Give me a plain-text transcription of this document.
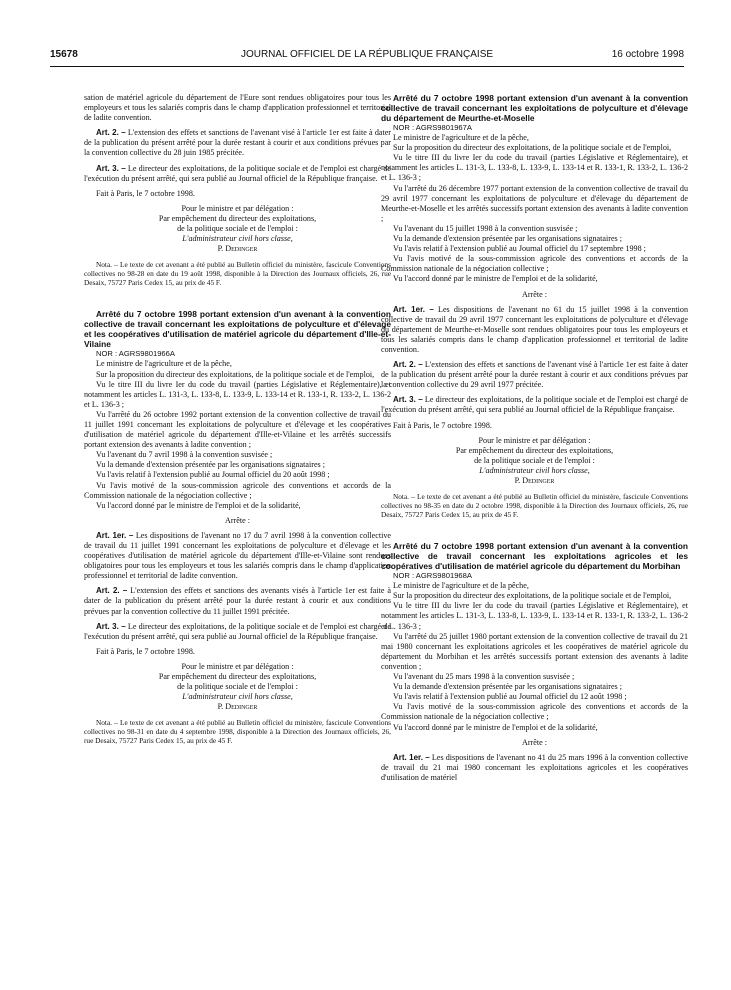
15678	JOURNAL OFFICIEL DE LA RÉPUBLIQUE FRANÇAISE	16 octobre 1998

sation de matériel agricole du département de l'Eure sont rendues obligatoires pour tous les employeurs et tous les salariés compris dans le champ d'application professionnel et territorial de ladite convention.

Art. 2. – L'extension des effets et sanctions de l'avenant visé à l'article 1er est faite à dater de la publication du présent arrêté pour la durée restant à courir et aux conditions prévues par la convention collective du 28 juin 1985 précitée.

Art. 3. – Le directeur des exploitations, de la politique sociale et de l'emploi est chargé de l'exécution du présent arrêté, qui sera publié au Journal officiel de la République française.

Fait à Paris, le 7 octobre 1998.

Pour le ministre et par délégation :

Par empêchement du directeur des exploitations,

de la politique sociale et de l'emploi :

L'administrateur civil hors classe,

P. Dedinger

Nota. – Le texte de cet avenant a été publié au Bulletin officiel du ministère, fascicule Conventions collectives no 98-28 en date du 19 août 1998, disponible à la Direction des Journaux officiels, 26, rue Desaix, 75727 Paris Cedex 15, au prix de 45 F.

Arrêté du 7 octobre 1998 portant extension d'un avenant à la convention collective de travail concernant les exploitations de polyculture et d'élevage et les coopératives d'utilisation de matériel agricole du département d'Ille-et-Vilaine

NOR : AGRS9801966A

Le ministre de l'agriculture et de la pêche,

Sur la proposition du directeur des exploitations, de la politique sociale et de l'emploi,

Vu le titre III du livre Ier du code du travail (parties Législative et Réglementaire), et notamment les articles L. 131-3, L. 133-8, L. 133-9, L. 133-14 et R. 133-1, R. 133-2, L. 136-2 et L. 136-3 ;

Vu l'arrêté du 26 octobre 1992 portant extension de la convention collective de travail du 11 juillet 1991 concernant les exploitations de polyculture et d'élevage et les coopératives d'utilisation de matériel agricole du département d'Ille-et-Vilaine et les arrêtés successifs portant extension des avenants à ladite convention ;

Vu l'avenant du 7 avril 1998 à la convention susvisée ;

Vu la demande d'extension présentée par les organisations signataires ;

Vu l'avis relatif à l'extension publié au Journal officiel du 20 août 1998 ;

Vu l'avis motivé de la sous-commission agricole des conventions et accords de la Commission nationale de la négociation collective ;

Vu l'accord donné par le ministre de l'emploi et de la solidarité,

Arrête :

Art. 1er. – Les dispositions de l'avenant no 17 du 7 avril 1998 à la convention collective de travail du 11 juillet 1991 concernant les exploitations de polyculture et d'élevage et les coopératives d'utilisation de matériel agricole du département d'Ille-et-Vilaine sont rendues obligatoires pour tous les employeurs et tous les salariés compris dans le champ d'application professionnel et territorial de ladite convention.

Art. 2. – L'extension des effets et sanctions des avenants visés à l'article 1er est faite à dater de la publication du présent arrêté pour la durée restant à courir et aux conditions prévues par la convention collective du 11 juillet 1991 précitée.

Art. 3. – Le directeur des exploitations, de la politique sociale et de l'emploi est chargé de l'exécution du présent arrêté, qui sera publié au Journal officiel de la République française.

Fait à Paris, le 7 octobre 1998.

Pour le ministre et par délégation :

Par empêchement du directeur des exploitations,

de la politique sociale et de l'emploi :

L'administrateur civil hors classe,

P. Dedinger

Nota. – Le texte de cet avenant a été publié au Bulletin officiel du ministère, fascicule Conventions collectives no 98-31 en date du 4 septembre 1998, disponible à la Direction des Journaux officiels, 26, rue Desaix, 75727 Paris Cedex 15, au prix de 45 F.

Arrêté du 7 octobre 1998 portant extension d'un avenant à la convention collective de travail concernant les exploitations de polyculture et d'élevage du département de Meurthe-et-Moselle

NOR : AGRS9801967A

Le ministre de l'agriculture et de la pêche,

Sur la proposition du directeur des exploitations, de la politique sociale et de l'emploi,

Vu le titre III du livre Ier du code du travail (parties Législative et Réglementaire), et notamment les articles L. 131-3, L. 133-8, L. 133-9, L. 133-14 et R. 133-1, R. 133-2, L. 136-2 et L. 136-3 ;

Vu l'arrêté du 26 décembre 1977 portant extension de la convention collective de travail du 29 avril 1977 concernant les exploitations de polyculture et d'élevage du département de Meurthe-et-Moselle et les arrêtés successifs portant extension des avenants à ladite convention ;

Vu l'avenant du 15 juillet 1998 à la convention susvisée ;

Vu la demande d'extension présentée par les organisations signataires ;

Vu l'avis relatif à l'extension publié au Journal officiel du 17 septembre 1998 ;

Vu l'avis motivé de la sous-commission agricole des conventions et accords de la Commission nationale de la négociation collective ;

Vu l'accord donné par le ministre de l'emploi et de la solidarité,

Arrête :

Art. 1er. – Les dispositions de l'avenant no 61 du 15 juillet 1998 à la convention collective de travail du 29 avril 1977 concernant les exploitations de polyculture et d'élevage du département de Meurthe-et-Moselle sont rendues obligatoires pour tous les employeurs et tous les salariés compris dans le champ d'application professionnel et territorial de ladite convention.

Art. 2. – L'extension des effets et sanctions de l'avenant visé à l'article 1er est faite à dater de la publication du présent arrêté pour la durée restant à courir et aux conditions prévues par la convention collective du 29 avril 1977 précitée.

Art. 3. – Le directeur des exploitations, de la politique sociale et de l'emploi est chargé de l'exécution du présent arrêté, qui sera publié au Journal officiel de la République française.

Fait à Paris, le 7 octobre 1998.

Pour le ministre et par délégation :

Par empêchement du directeur des exploitations,

de la politique sociale et de l'emploi :

L'administrateur civil hors classe,

P. Dedinger

Nota. – Le texte de cet avenant a été publié au Bulletin officiel du ministère, fascicule Conventions collectives no 98-35 en date du 2 octobre 1998, disponible à la Direction des Journaux officiels, 26, rue Desaix, 75727 Paris Cedex 15, au prix de 45 F.

Arrêté du 7 octobre 1998 portant extension d'un avenant à la convention collective de travail concernant les exploitations agricoles et les coopératives d'utilisation de matériel agricole du département du Morbihan

NOR : AGRS9801968A

Le ministre de l'agriculture et de la pêche,

Sur la proposition du directeur des exploitations, de la politique sociale et de l'emploi,

Vu le titre III du livre Ier du code du travail (parties Législative et Réglementaire), et notamment les articles L. 131-3, L. 133-8, L. 133-9, L. 133-14 et R. 133-1, R. 133-2, L. 136-2 et L. 136-3 ;

Vu l'arrêté du 25 juillet 1980 portant extension de la convention collective de travail du 21 mai 1980 concernant les exploitations agricoles et les coopératives de matériel agricole du département du Morbihan et les arrêtés successifs portant extension des avenants à ladite convention ;

Vu l'avenant du 25 mars 1998 à la convention susvisée ;

Vu la demande d'extension présentée par les organisations signataires ;

Vu l'avis relatif à l'extension publié au Journal officiel du 12 août 1998 ;

Vu l'avis motivé de la sous-commission agricole des conventions et accords de la Commission nationale de la négociation collective ;

Vu l'accord donné par le ministre de l'emploi et de la solidarité,

Arrête :

Art. 1er. – Les dispositions de l'avenant no 41 du 25 mars 1996 à la convention collective de travail du 21 mai 1980 concernant les exploitations agricoles et les coopératives d'utilisation de matériel
